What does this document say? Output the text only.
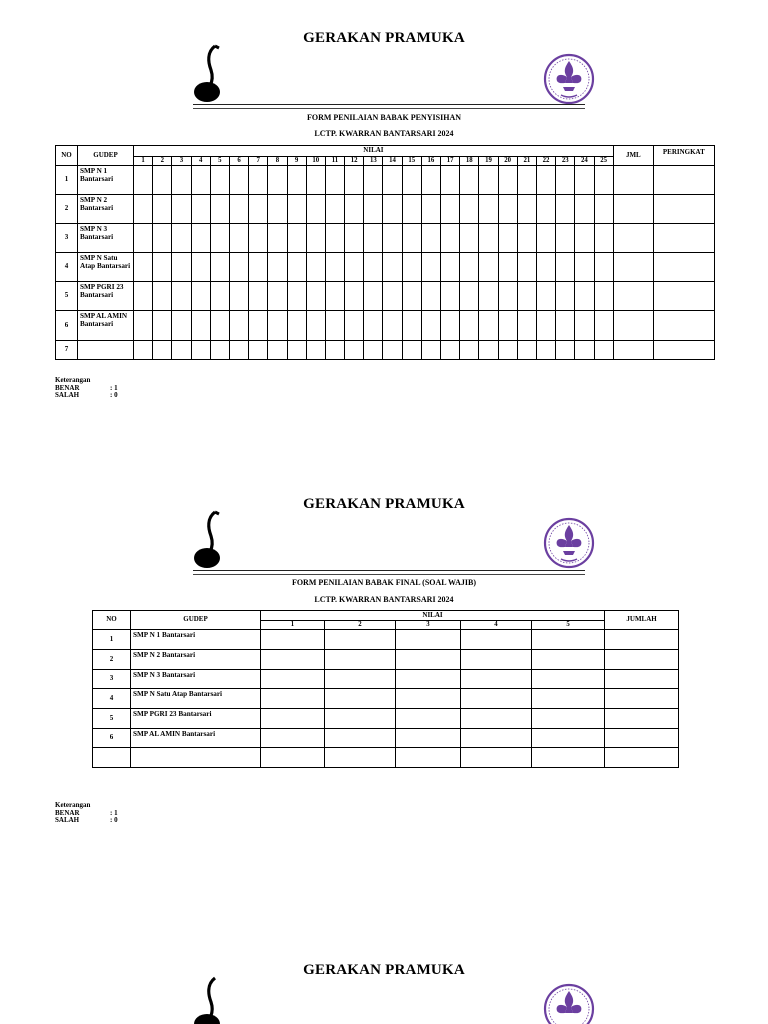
GERAKAN PRAMUKA
FORM PENILAIAN BABAK PENYISIHAN
LCTP. KWARRAN BANTARSARI 2024
NO	GUDEP	NILAI																									JML	PERINGKAT
		1	2	3	4	5	6	7	8	9	10	11	12	13	14	15	16	17	18	19	20	21	22	23	24	25		
1	SMP N 1 Bantarsari																											
2	SMP N 2 Bantarsari																											
3	SMP N 3 Bantarsari																											
4	SMP N Satu Atap Bantarsari																											
5	SMP PGRI 23 Bantarsari																											
6	SMP AL AMIN Bantarsari																											
7																												
Keterangan
BENAR	: 1
SALAH	: 0
GERAKAN PRAMUKA
FORM PENILAIAN BABAK FINAL (SOAL WAJIB)
LCTP. KWARRAN BANTARSARI 2024
NO	GUDEP	NILAI					JUMLAH
		1	2	3	4	5	
1	SMP N 1 Bantarsari						
2	SMP N 2 Bantarsari						
3	SMP N 3 Bantarsari						
4	SMP N Satu Atap Bantarsari						
5	SMP PGRI 23 Bantarsari						
6	SMP AL AMIN Bantarsari						

Keterangan
BENAR	: 1
SALAH	: 0
GERAKAN PRAMUKA
